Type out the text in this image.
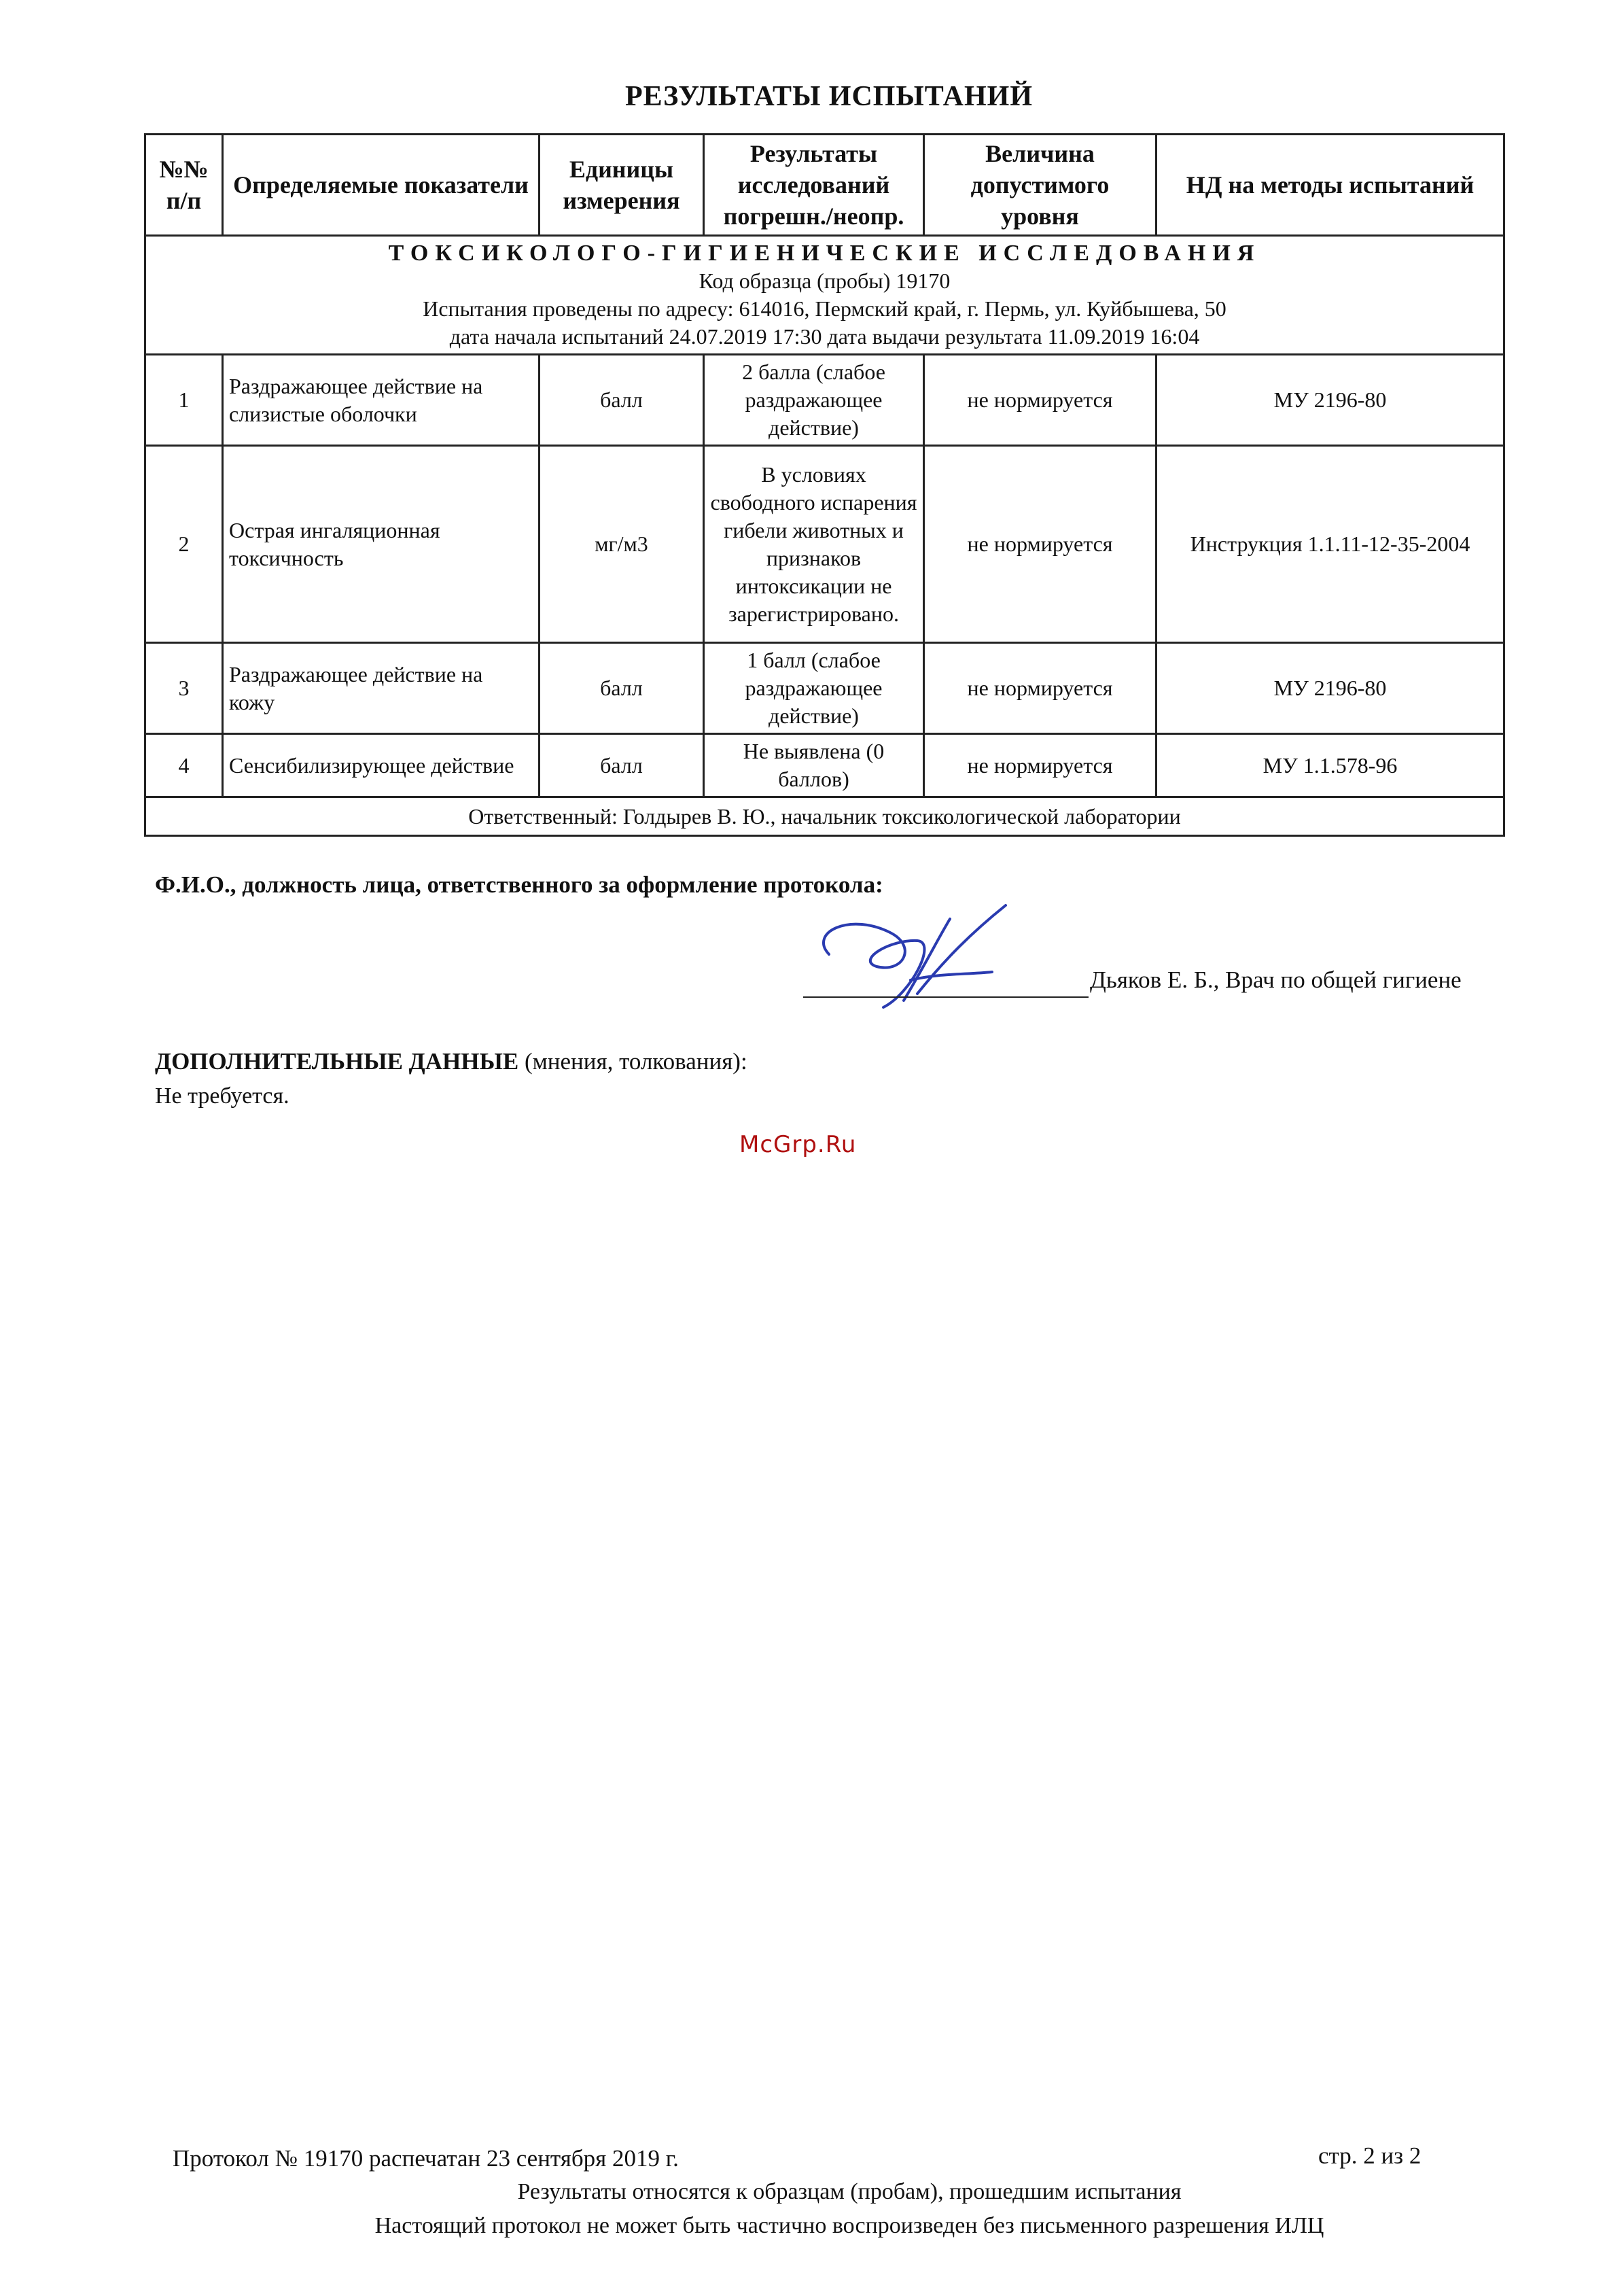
РЕЗУЛЬТАТЫ ИСПЫТАНИЙ
№№ п/п	Определяемые показатели	Единицы измерения	Результаты исследований погрешн./неопр.	Величина допустимого уровня	НД на методы испытаний

ТОКСИКОЛОГО-ГИГИЕНИЧЕСКИЕ ИССЛЕДОВАНИЯ
Код образца (пробы) 19170
Испытания проведены по адресу: 614016, Пермский край, г. Пермь, ул. Куйбышева, 50
дата начала испытаний 24.07.2019 17:30 дата выдачи результата 11.09.2019 16:04					

1	Раздражающее действие на слизистые оболочки	балл	2 балла (слабое раздражающее действие)	не нормируется	МУ 2196-80
2	Острая ингаляционная токсичность	мг/м3	В условиях свободного испарения гибели животных и признаков интоксикации не зарегистрировано.	не нормируется	Инструкция 1.1.11-12-35-2004
3	Раздражающее действие на кожу	балл	1 балл (слабое раздражающее действие)	не нормируется	МУ 2196-80
4	Сенсибилизирующее действие	балл	Не выявлена (0 баллов)	не нормируется	МУ 1.1.578-96
Ответственный: Голдырев В. Ю., начальник токсикологической лаборатории					
Ф.И.О., должность лица, ответственного за оформление протокола:
Дьяков Е. Б., Врач по общей гигиене
ДОПОЛНИТЕЛЬНЫЕ ДАННЫЕ (мнения, толкования):
Не требуется.
McGrp.Ru
Протокол № 19170 распечатан 23 сентября 2019 г.	стр. 2 из 2
Результаты относятся к образцам (пробам), прошедшим испытания
Настоящий протокол не может быть частично воспроизведен без письменного разрешения ИЛЦ
